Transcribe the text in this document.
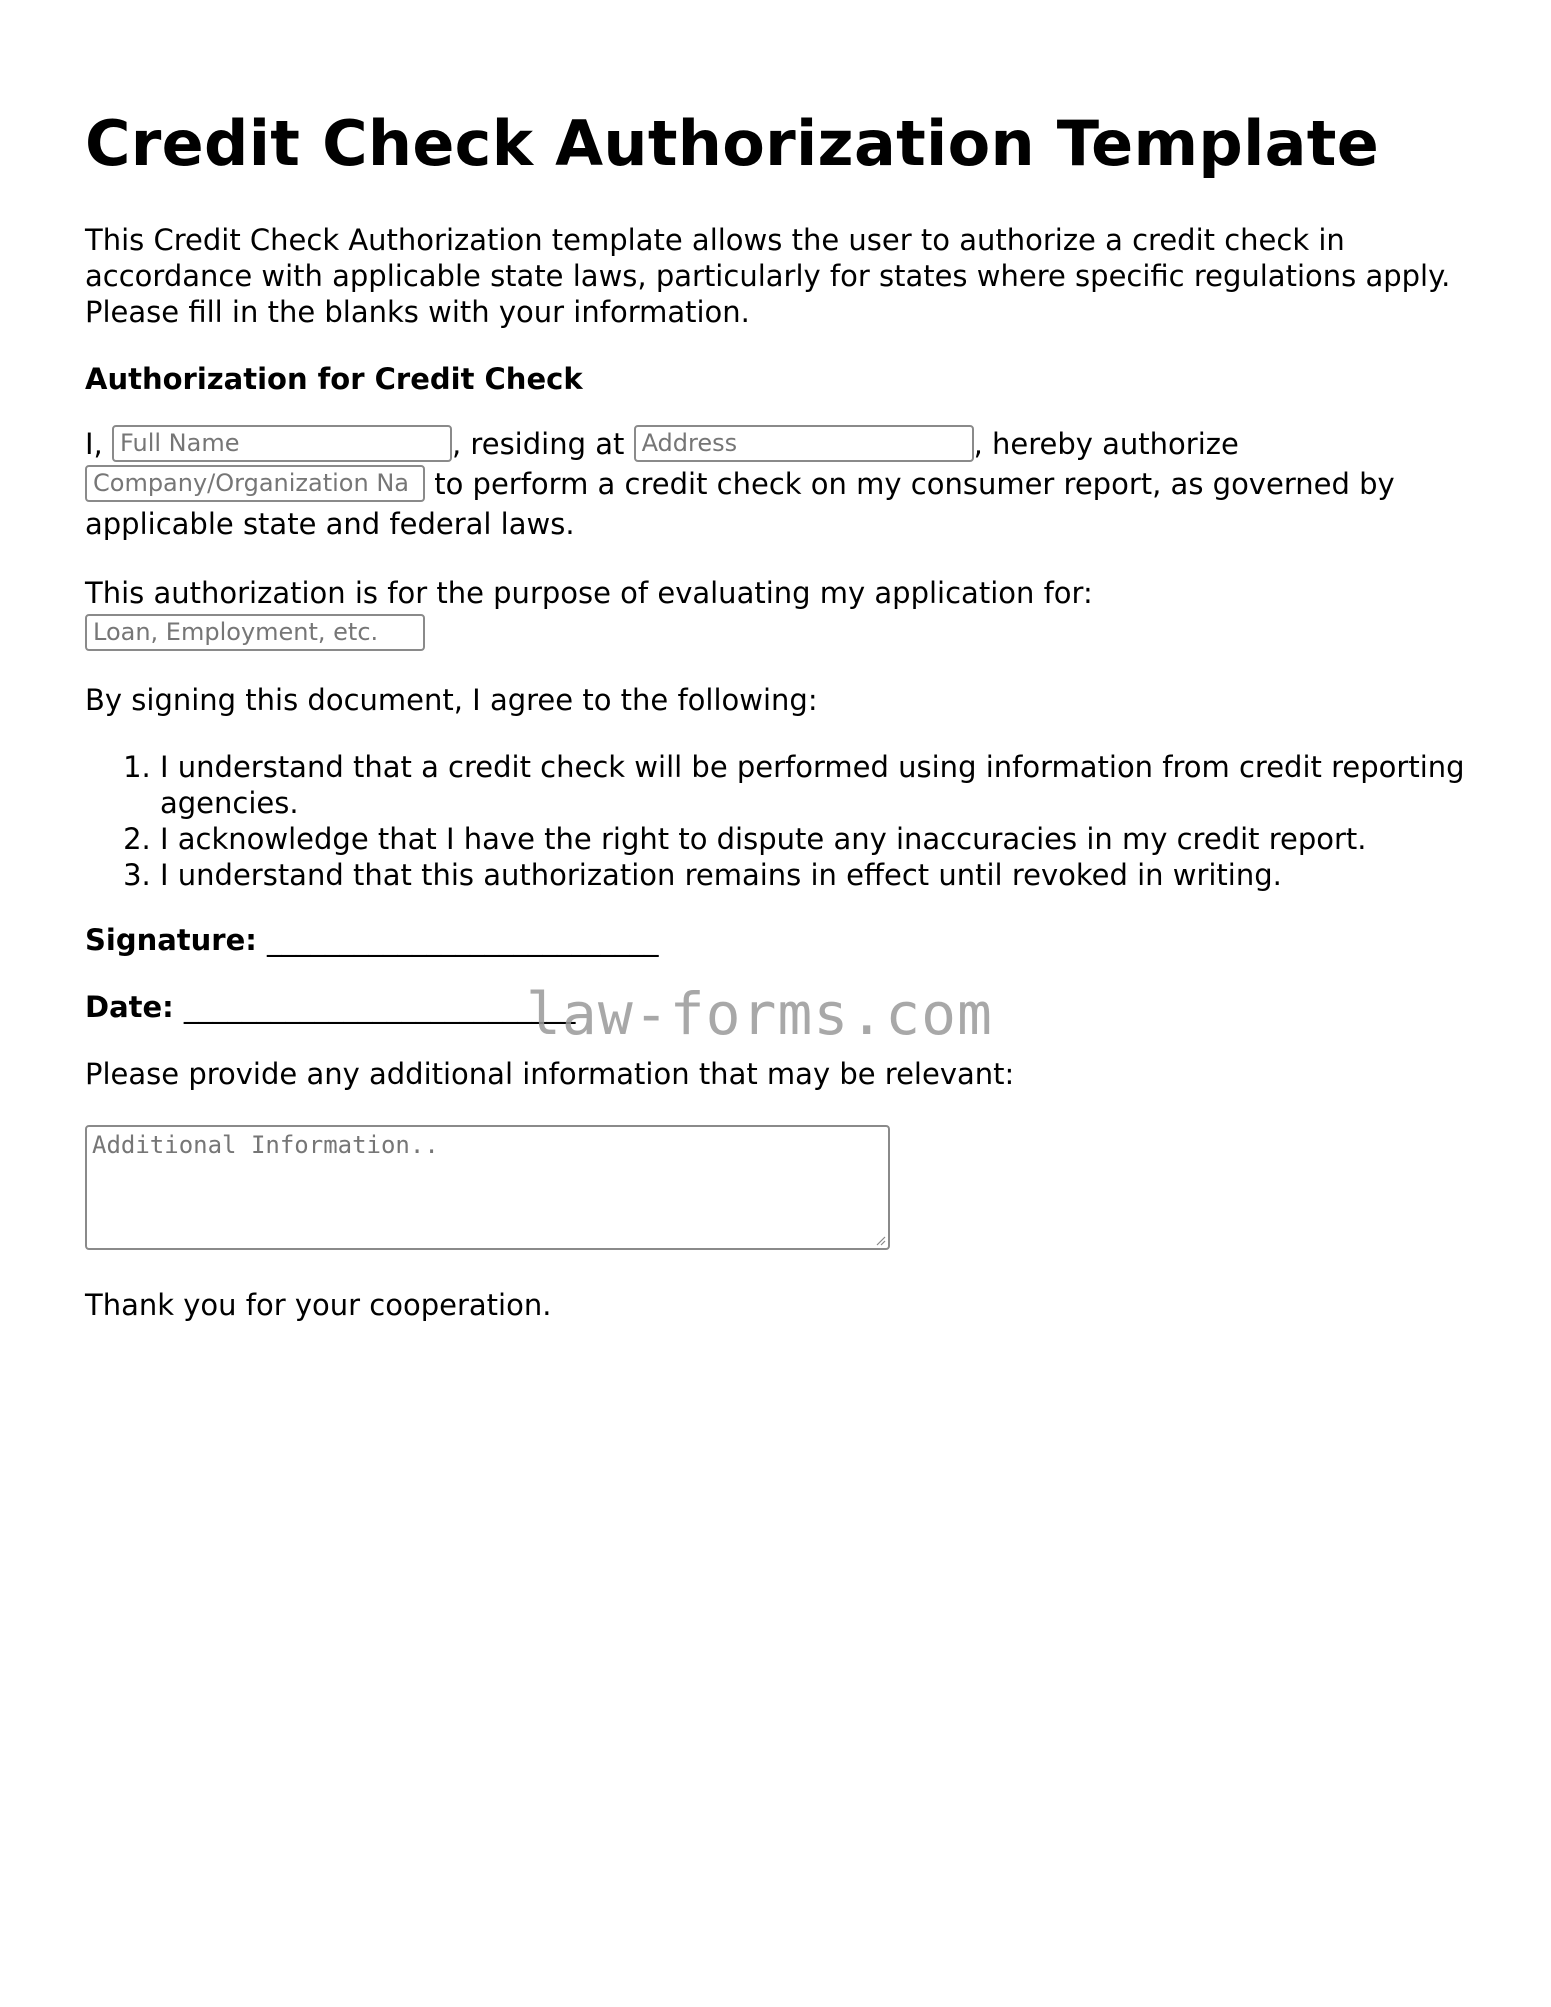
Credit Check Authorization Template
This Credit Check Authorization template allows the user to authorize a credit check in accordance with applicable state laws, particularly for states where specific regulations apply. Please fill in the blanks with your information.
Authorization for Credit Check
I, Full Name	, residing at Address	, hereby authorize Company/Organization Na to perform a credit check on my consumer report, as governed by applicable state and federal laws.
This authorization is for the purpose of evaluating my application for:
Loan, Employment, etc.
By signing this document, I agree to the following:
1. I understand that a credit check will be performed using information from credit reporting agencies.
2. I acknowledge that I have the right to dispute any inaccuracies in my credit report.
3. I understand that this authorization remains in effect until revoked in writing.
Signature: ___________________________
Date: ___________________________
Please provide any additional information that may be relevant:
Additional Information..
Thank you for your cooperation.
law-forms.com
